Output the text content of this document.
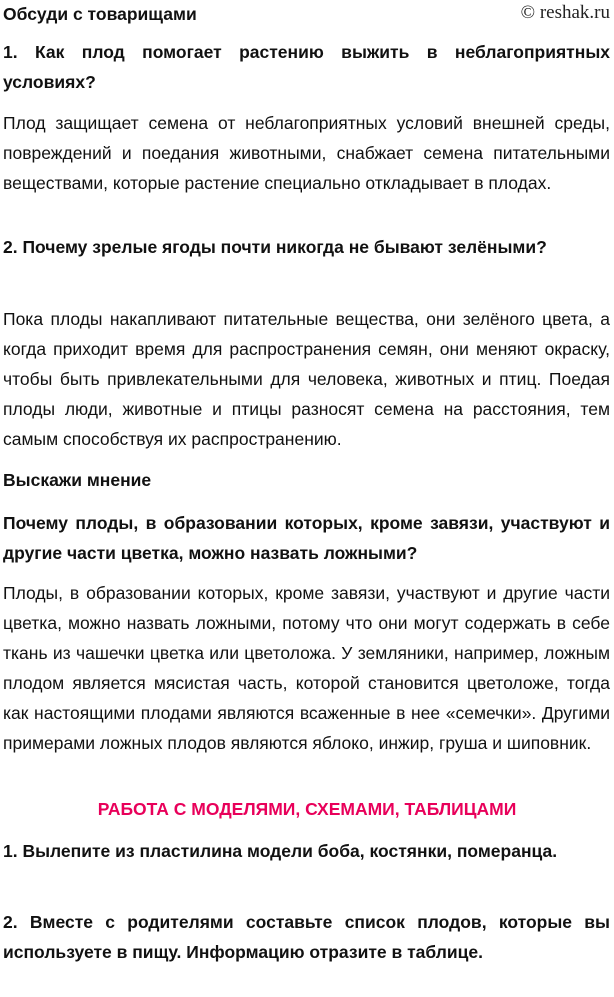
Обсуди с товарищами	© reshak.ru
1. Как плод помогает растению выжить в неблагоприятных условиях?
Плод защищает семена от неблагоприятных условий внешней среды, повреждений и поедания животными, снабжает семена питательными веществами, которые растение специально откладывает в плодах.
2. Почему зрелые ягоды почти никогда не бывают зелёными?
Пока плоды накапливают питательные вещества, они зелёного цвета, а когда приходит время для распространения семян, они меняют окраску, чтобы быть привлекательными для человека, животных и птиц. Поедая плоды люди, животные и птицы разносят семена на расстояния, тем самым способствуя их распространению.
Выскажи мнение
Почему плоды, в образовании которых, кроме завязи, участвуют и другие части цветка, можно назвать ложными?
Плоды, в образовании которых, кроме завязи, участвуют и другие части цветка, можно назвать ложными, потому что они могут содержать в себе ткань из чашечки цветка или цветоложа. У земляники, например, ложным плодом является мясистая часть, которой становится цветоложе, тогда как настоящими плодами являются всаженные в нее «семечки». Другими примерами ложных плодов являются яблоко, инжир, груша и шиповник.
РАБОТА С МОДЕЛЯМИ, СХЕМАМИ, ТАБЛИЦАМИ
1. Вылепите из пластилина модели боба, костянки, померанца.
2. Вместе с родителями составьте список плодов, которые вы используете в пищу. Информацию отразите в таблице.
